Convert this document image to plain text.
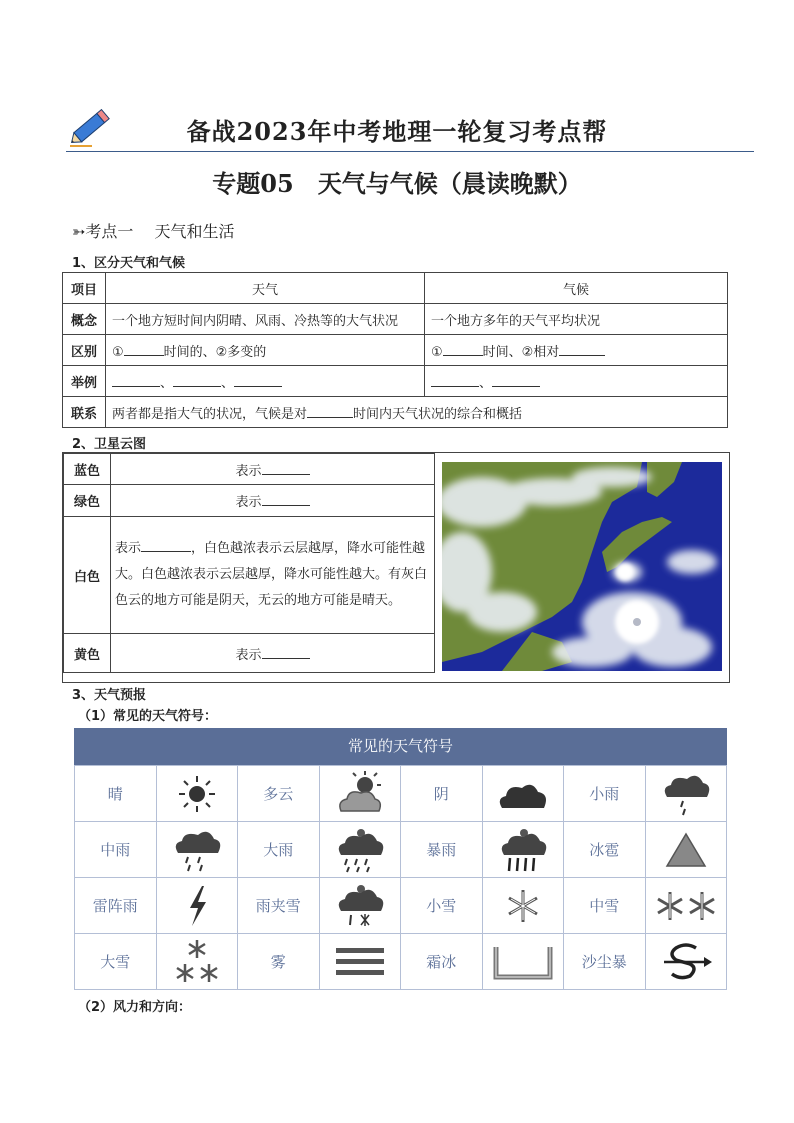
备战2023年中考地理一轮复习考点帮
专题05　天气与气候（晨读晚默）
➳考点一　 天气和生活
1、区分天气和气候
项目	天气	气候
概念	一个地方短时间内阴晴、风雨、冷热等的大气状况	一个地方多年的天气平均状况
区别	① 时间的、②多变的	① 时间、②相对
举例	、 、	、
联系	两者都是指大气的状况，气候是对 时间内天气状况的综合和概括	
2、卫星云图
蓝色	表示
绿色	表示
白色	表示 ，白色越浓表示云层越厚，降水可能性越大。白色越浓表示云层越厚，降水可能性越大。有灰白色云的地方可能是阴天，无云的地方可能是晴天。
黄色	表示
3、天气预报
（1）常见的天气符号：
常见的天气符号
晴		多云		阴		小雨	

中雨		大雨		暴雨		冰雹	

雷阵雨		雨夹雪		小雪		中雪	

大雪		雾		霜冰		沙尘暴	
（2）风力和方向：
